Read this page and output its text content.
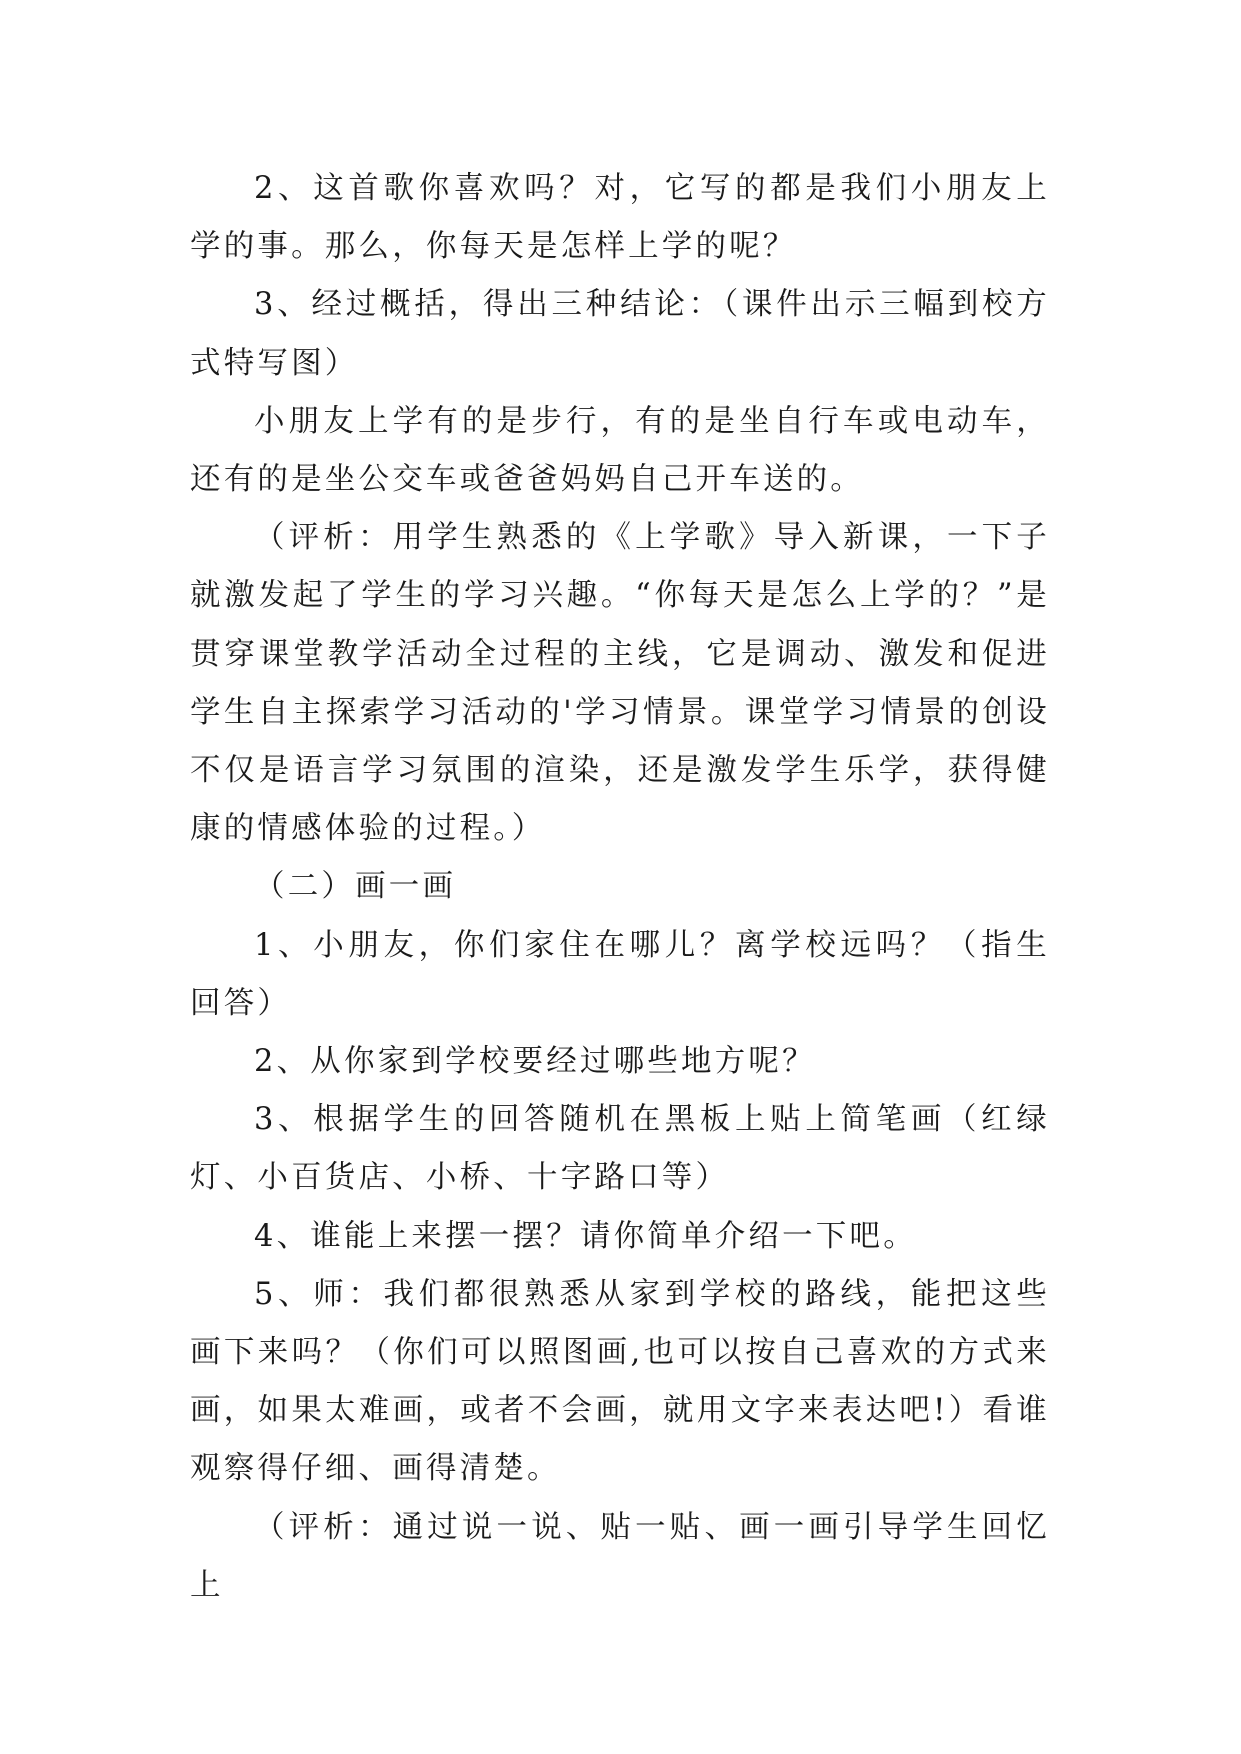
2、这首歌你喜欢吗？对，它写的都是我们小朋友上学的事。那么，你每天是怎样上学的呢？

3、经过概括，得出三种结论：（课件出示三幅到校方式特写图）

小朋友上学有的是步行，有的是坐自行车或电动车，还有的是坐公交车或爸爸妈妈自己开车送的。

（评析：用学生熟悉的《上学歌》导入新课，一下子就激发起了学生的学习兴趣。“你每天是怎么上学的？”是贯穿课堂教学活动全过程的主线，它是调动、激发和促进学生自主探索学习活动的'学习情景。课堂学习情景的创设不仅是语言学习氛围的渲染，还是激发学生乐学，获得健康的情感体验的过程。）

（二）画一画

1、小朋友，你们家住在哪儿？离学校远吗？（指生回答）

2、从你家到学校要经过哪些地方呢？

3、根据学生的回答随机在黑板上贴上简笔画（红绿灯、小百货店、小桥、十字路口等）

4、谁能上来摆一摆？请你简单介绍一下吧。

5、师：我们都很熟悉从家到学校的路线，能把这些画下来吗？（你们可以照图画,也可以按自己喜欢的方式来画，如果太难画，或者不会画，就用文字来表达吧!）看谁观察得仔细、画得清楚。

（评析：通过说一说、贴一贴、画一画引导学生回忆上
